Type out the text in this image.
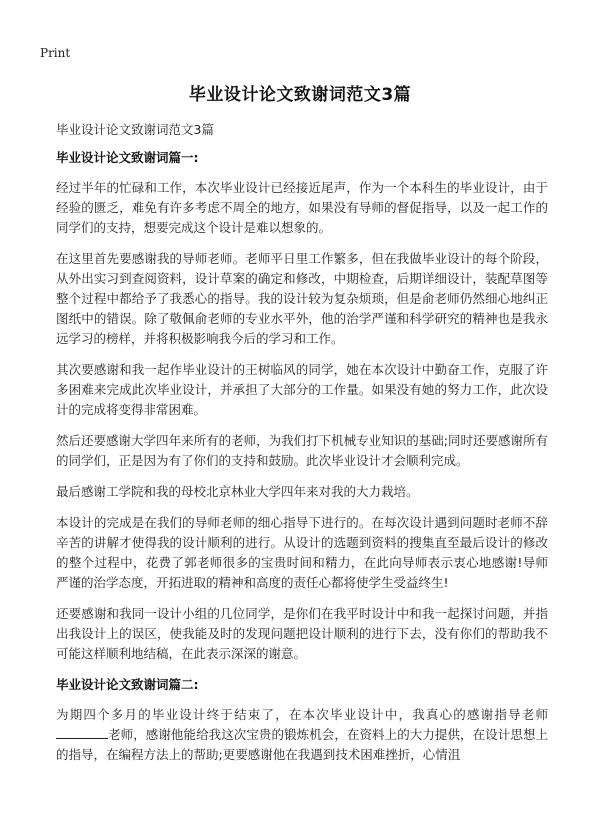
Print
毕业设计论文致谢词范文3篇
毕业设计论文致谢词范文3篇
毕业设计论文致谢词篇一:

经过半年的忙碌和工作，本次毕业设计已经接近尾声，作为一个本科生的毕业设计，由于经验的匮乏，难免有许多考虑不周全的地方，如果没有导师的督促指导，以及一起工作的同学们的支持，想要完成这个设计是难以想象的。

在这里首先要感谢我的导师老师。老师平日里工作繁多，但在我做毕业设计的每个阶段，从外出实习到查阅资料，设计草案的确定和修改，中期检查，后期详细设计，装配草图等整个过程中都给予了我悉心的指导。我的设计较为复杂烦琐，但是俞老师仍然细心地纠正图纸中的错误。除了敬佩俞老师的专业水平外，他的治学严谨和科学研究的精神也是我永远学习的榜样，并将积极影响我今后的学习和工作。

其次要感谢和我一起作毕业设计的王树临风的同学，她在本次设计中勤奋工作，克服了许多困难来完成此次毕业设计，并承担了大部分的工作量。如果没有她的努力工作，此次设计的完成将变得非常困难。

然后还要感谢大学四年来所有的老师，为我们打下机械专业知识的基础;同时还要感谢所有的同学们，正是因为有了你们的支持和鼓励。此次毕业设计才会顺利完成。

最后感谢工学院和我的母校北京林业大学四年来对我的大力栽培。

本设计的完成是在我们的导师老师的细心指导下进行的。在每次设计遇到问题时老师不辞辛苦的讲解才使得我的设计顺利的进行。从设计的选题到资料的搜集直至最后设计的修改的整个过程中，花费了郭老师很多的宝贵时间和精力，在此向导师表示衷心地感谢!导师严谨的治学态度，开拓进取的精神和高度的责任心都将使学生受益终生!

还要感谢和我同一设计小组的几位同学，是你们在我平时设计中和我一起探讨问题，并指出我设计上的误区，使我能及时的发现问题把设计顺利的进行下去，没有你们的帮助我不可能这样顺利地结稿，在此表示深深的谢意。

毕业设计论文致谢词篇二:

为期四个多月的毕业设计终于结束了，在本次毕业设计中，我真心的感谢指导老师老师，感谢他能给我这次宝贵的锻炼机会，在资料上的大力提供，在设计思想上的指导，在编程方法上的帮助;更要感谢他在我遇到技术困难挫折，心情沮
